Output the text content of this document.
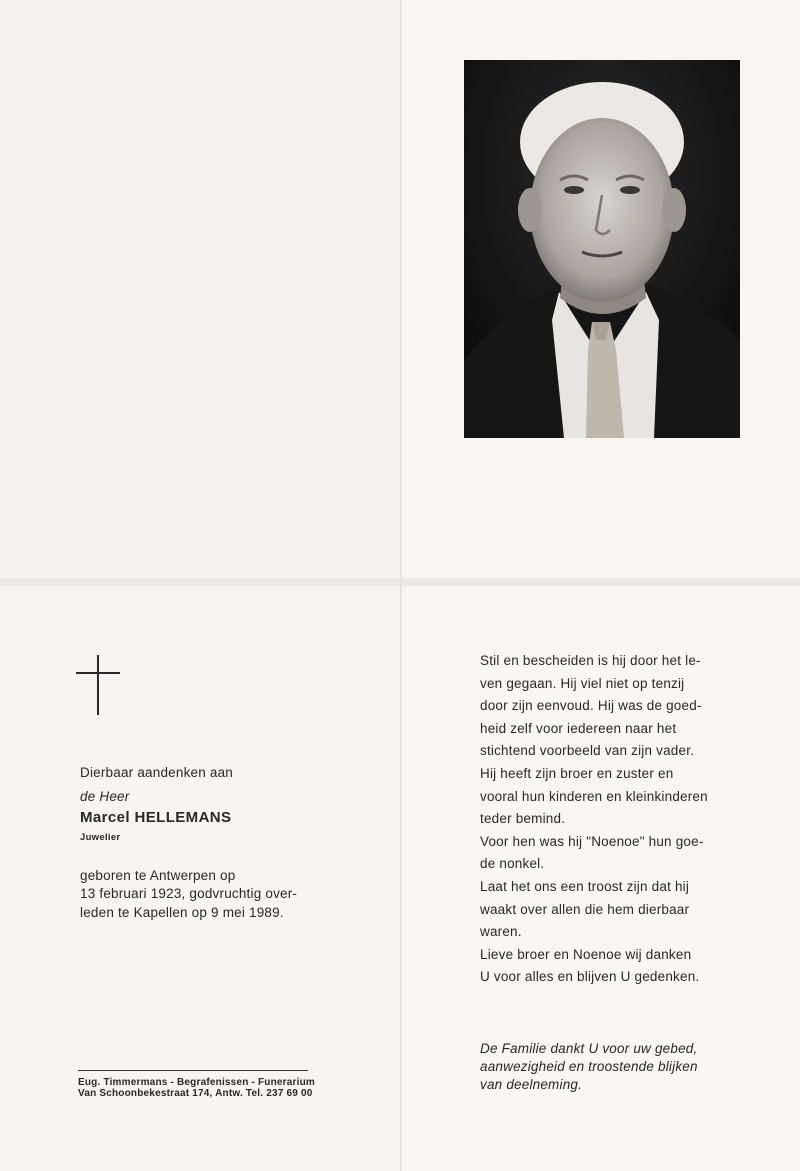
Dierbaar aandenken aan
de Heer
Marcel HELLEMANS
Juwelier
geboren te Antwerpen op
13 februari 1923, godvruchtig over-
leden te Kapellen op 9 mei 1989.
Eug. Timmermans - Begrafenissen - Funerarium
Van Schoonbekestraat 174, Antw. Tel. 237 69 00
Stil en bescheiden is hij door het le-
ven gegaan. Hij viel niet op tenzij
door zijn eenvoud. Hij was de goed-
heid zelf voor iedereen naar het
stichtend voorbeeld van zijn vader.
Hij heeft zijn broer en zuster en
vooral hun kinderen en kleinkinderen
teder bemind.
Voor hen was hij "Noenoe" hun goe-
de nonkel.
Laat het ons een troost zijn dat hij
waakt over allen die hem dierbaar
waren.
Lieve broer en Noenoe wij danken
U voor alles en blijven U gedenken.
De Familie dankt U voor uw gebed,
aanwezigheid en troostende blijken
van deelneming.
